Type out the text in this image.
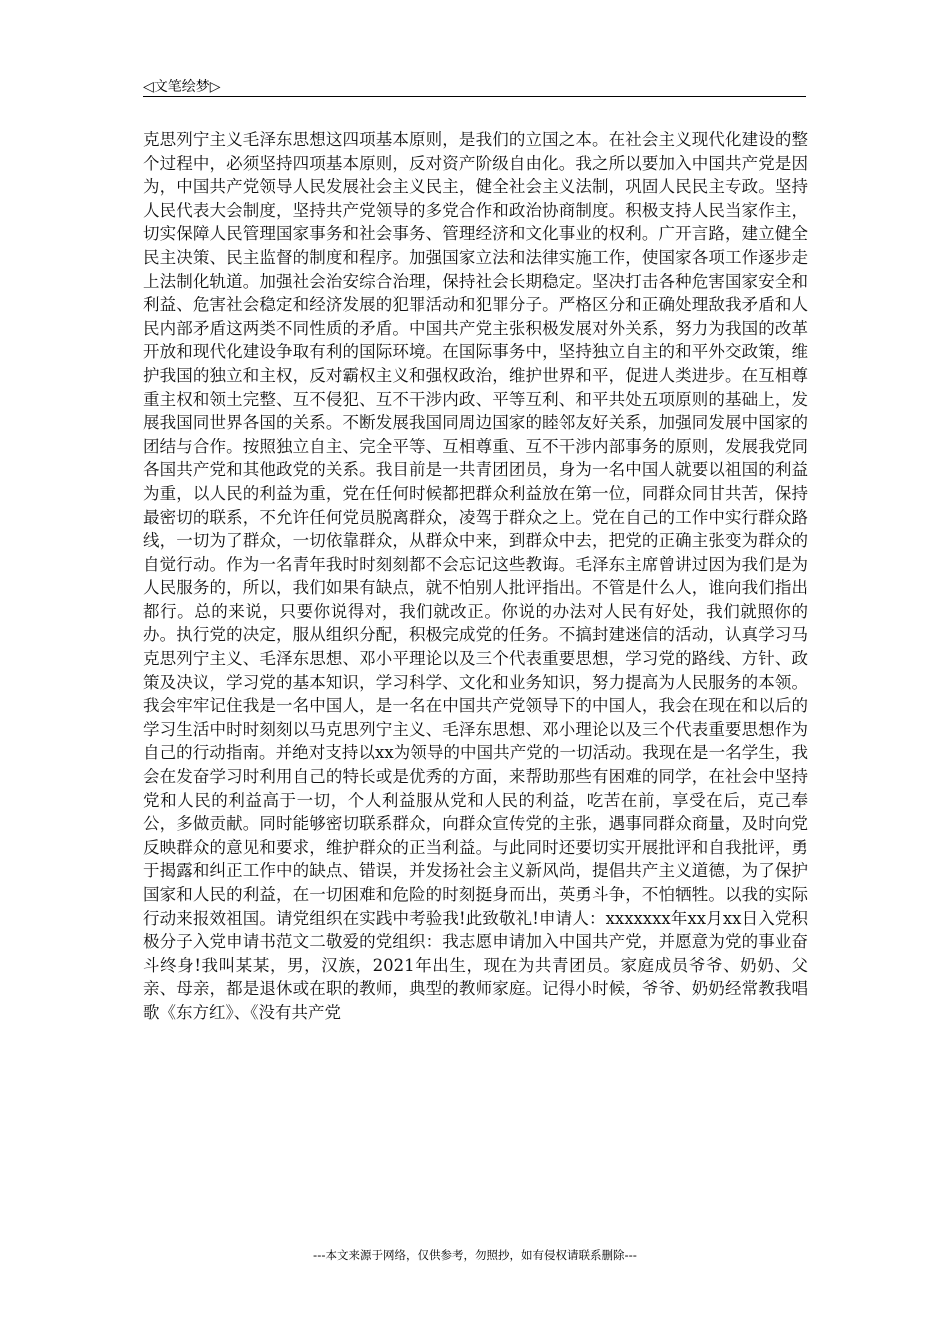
◁文笔绘梦▷

克思列宁主义毛泽东思想这四项基本原则，是我们的立国之本。在社会主义现代化建设的整个过程中，必须坚持四项基本原则，反对资产阶级自由化。我之所以要加入中国共产党是因为，中国共产党领导人民发展社会主义民主，健全社会主义法制，巩固人民民主专政。坚持人民代表大会制度，坚持共产党领导的多党合作和政治协商制度。积极支持人民当家作主，切实保障人民管理国家事务和社会事务、管理经济和文化事业的权利。广开言路，建立健全民主决策、民主监督的制度和程序。加强国家立法和法律实施工作，使国家各项工作逐步走上法制化轨道。加强社会治安综合治理，保持社会长期稳定。坚决打击各种危害国家安全和利益、危害社会稳定和经济发展的犯罪活动和犯罪分子。严格区分和正确处理敌我矛盾和人民内部矛盾这两类不同性质的矛盾。中国共产党主张积极发展对外关系，努力为我国的改革开放和现代化建设争取有利的国际环境。在国际事务中，坚持独立自主的和平外交政策，维护我国的独立和主权，反对霸权主义和强权政治，维护世界和平，促进人类进步。在互相尊重主权和领土完整、互不侵犯、互不干涉内政、平等互利、和平共处五项原则的基础上，发展我国同世界各国的关系。不断发展我国同周边国家的睦邻友好关系，加强同发展中国家的团结与合作。按照独立自主、完全平等、互相尊重、互不干涉内部事务的原则，发展我党同各国共产党和其他政党的关系。我目前是一共青团团员，身为一名中国人就要以祖国的利益为重，以人民的利益为重，党在任何时候都把群众利益放在第一位，同群众同甘共苦，保持最密切的联系，不允许任何党员脱离群众，凌驾于群众之上。党在自己的工作中实行群众路线，一切为了群众，一切依靠群众，从群众中来，到群众中去，把党的正确主张变为群众的自觉行动。作为一名青年我时时刻刻都不会忘记这些教诲。毛泽东主席曾讲过因为我们是为人民服务的，所以，我们如果有缺点，就不怕别人批评指出。不管是什么人，谁向我们指出都行。总的来说，只要你说得对，我们就改正。你说的办法对人民有好处，我们就照你的办。执行党的决定，服从组织分配，积极完成党的任务。不搞封建迷信的活动，认真学习马克思列宁主义、毛泽东思想、邓小平理论以及三个代表重要思想，学习党的路线、方针、政策及决议，学习党的基本知识，学习科学、文化和业务知识，努力提高为人民服务的本领。我会牢牢记住我是一名中国人，是一名在中国共产党领导下的中国人，我会在现在和以后的学习生活中时时刻刻以马克思列宁主义、毛泽东思想、邓小理论以及三个代表重要思想作为自己的行动指南。并绝对支持以xx为领导的中国共产党的一切活动。我现在是一名学生，我会在发奋学习时利用自己的特长或是优秀的方面，来帮助那些有困难的同学，在社会中坚持党和人民的利益高于一切，个人利益服从党和人民的利益，吃苦在前，享受在后，克己奉公，多做贡献。同时能够密切联系群众，向群众宣传党的主张，遇事同群众商量，及时向党反映群众的意见和要求，维护群众的正当利益。与此同时还要切实开展批评和自我批评，勇于揭露和纠正工作中的缺点、错误，并发扬社会主义新风尚，提倡共产主义道德，为了保护国家和人民的利益，在一切困难和危险的时刻挺身而出，英勇斗争，不怕牺牲。以我的实际行动来报效祖国。请党组织在实践中考验我!此致敬礼!申请人：xxxxxxx年xx月xx日入党积极分子入党申请书范文二敬爱的党组织：我志愿申请加入中国共产党，并愿意为党的事业奋斗终身!我叫某某，男，汉族，2021年出生，现在为共青团员。家庭成员爷爷、奶奶、父亲、母亲，都是退休或在职的教师，典型的教师家庭。记得小时候，爷爷、奶奶经常教我唱歌《东方红》、《没有共产党

---本文来源于网络，仅供参考，勿照抄，如有侵权请联系删除---
